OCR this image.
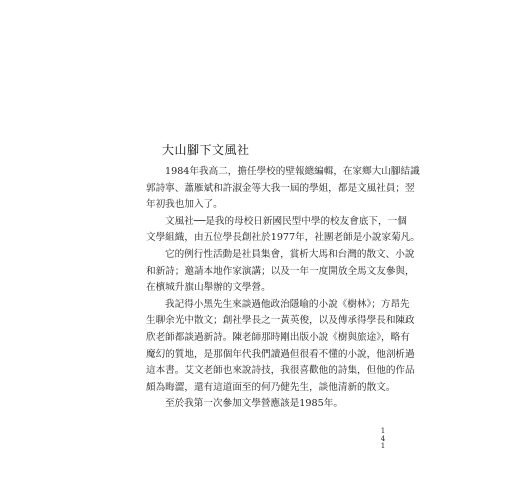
大山腳下文風社
1984年我高二，擔任學校的壁報總編輯，在家鄉大山腳結識
郭詩寧、蕭雁斌和許淑金等大我一屆的學姐，都是文風社員；翌
年初我也加入了。
文風社──是我的母校日新國民型中學的校友會底下，一個
文學組織，由五位學長創社於1977年，社團老師是小說家菊凡。
它的例行性活動是社員集會，賞析大馬和台灣的散文、小說
和新詩；邀請本地作家演講；以及一年一度開放全馬文友參與，
在檳城升旗山舉辦的文學營。
我記得小黑先生來談過他政治隱喻的小說《樹林》；方昂先
生聊余光中散文；創社學長之一黃英俊，以及傅承得學長和陳政
欣老師都談過新詩。陳老師那時剛出版小說《樹與旅途》，略有
魔幻的質地，是那個年代我們讀過但很看不懂的小說，他剖析過
這本書。艾文老師也來說詩技，我很喜歡他的詩集，但他的作品
頗為晦澀，還有這道面至的何乃健先生，談他清新的散文。
至於我第一次參加文學營應該是1985年。
1
4
1
